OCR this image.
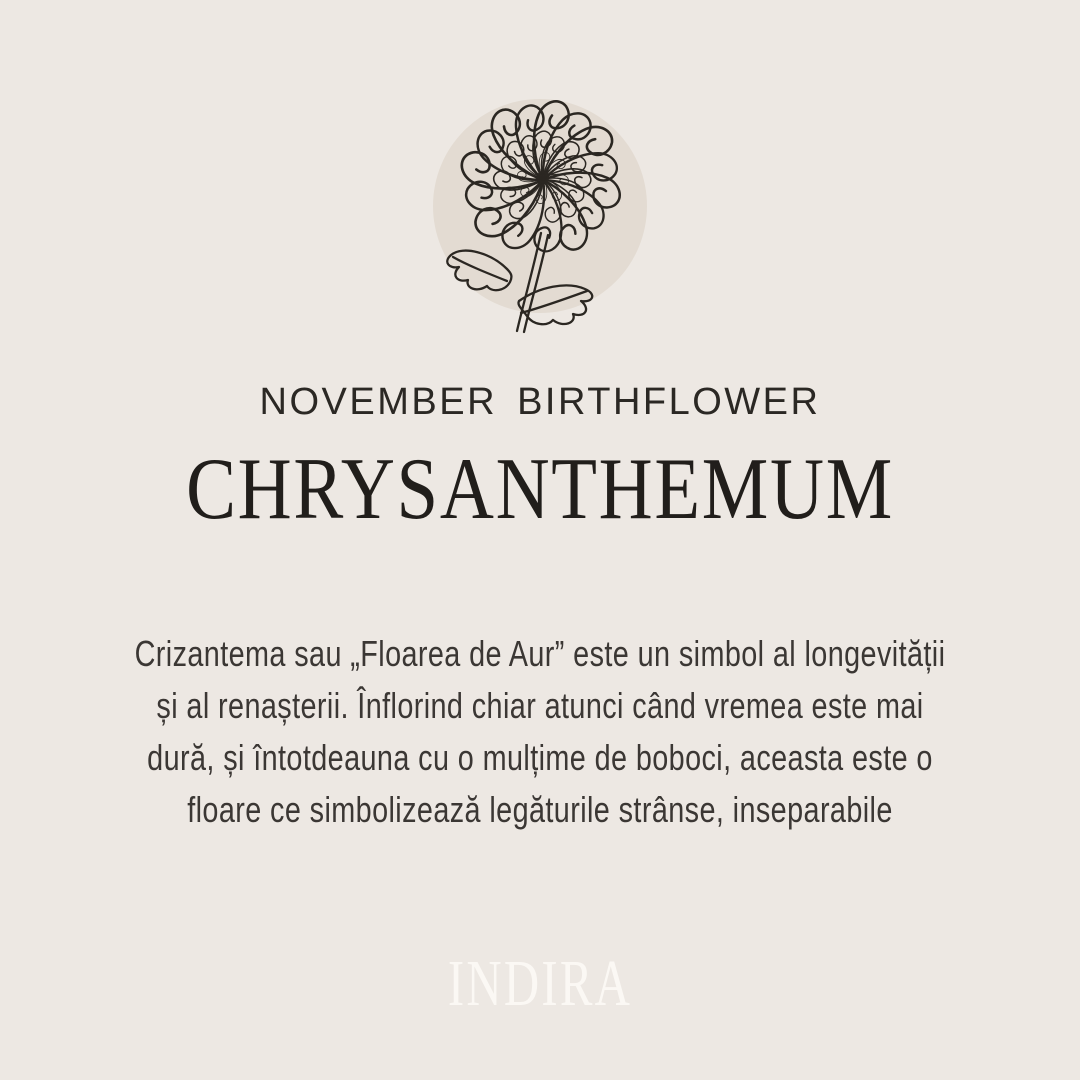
NOVEMBER BIRTHFLOWER
CHRYSANTHEMUM
Crizantema sau „Floarea de Aur” este un simbol al longevității
și al renașterii. Înflorind chiar atunci când vremea este mai
dură, și întotdeauna cu o mulțime de boboci, aceasta este o
floare ce simbolizează legăturile strânse, inseparabile
INDIRA
